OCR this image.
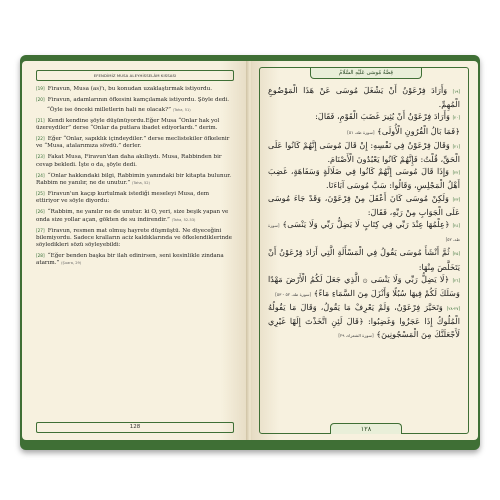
EFENDİMİZ MUSA ALEYHİSSELÂM KISSASI

[19] Firavun, Musa (as)'ı, bu konudan uzaklaştırmak istiyordu.

[20] Firavun, adamlarının öfkesini kamçılamak istiyordu. Şöyle dedi.

“Öyle ise önceki milletlerin hali ne olacak?” (Taha, 51)

[21] Kendi kendine şöyle düşünüyordu.Eğer Musa “Onlar hak yol üzereydiler” derse “Onlar da putlara ibadet ediyorlardı.” derim.

[22] Eğer “Onlar, sapıklık içindeydiler.” derse meclistekiler öfkelenir ve “Musa, atalarımıza sövdü.” derler.

[23] Fakat Musa, Firavun'dan daha akıllıydı. Musa, Rabbinden bir cevap bekledi. İşte o da, şöyle dedi.

[24] “Onlar hakkındaki bilgi, Rabbimin yanındaki bir kitapta bulunur. Rabbim ne yanılır, ne de unutur.” (Taha, 52)

[25] Firavun'un kaçıp kurtulmak istediği meseleyi Musa, dem ettiriyor ve söyle diyordu:

[26] “Rabbim, ne yanılır ne de unutur. ki O, yeri, size beşik yapan ve onda size yollar açan, gökten de su indirendir.” (Taha, 52-53)

[27] Firavun, resmen mat olmuş hayrete düşmüştü. Ne diyeceğini bilemiyordu. Sadece kralların aciz kaldıklarında ve öfkelendiklerinde söyledikleri sözü söyleyebildi:

[28] “Eğer benden başka bir ilah edinirsen, seni kesinlikle zindana atarım.” (Şuara, 29)

128
قِصَّةُ مُوسَى عَلَيْهِ السَّلَامُ

[١٩] وَأَرَادَ فِرْعَوْنُ أَنْ يَشْغَلَ مُوسَى عَنْ هَذَا الْمَوْضُوعِ الْمُهِمِّ.

[٢٠] وَأَرَادَ فِرْعَوْنُ أَنْ يُثِيرَ غَضَبَ الْقَوْمِ، فَقَالَ:

﴿فَمَا بَالُ الْقُرُونِ الْأُولَى﴾ [سورة طه، ٥١]

[٢١] وَقَالَ فِرْعَوْنُ فِي نَفْسِهِ: إِنْ قَالَ مُوسَى إِنَّهُمْ كَانُوا عَلَى الْحَقِّ، قُلْتُ: فَإِنَّهُمْ كَانُوا يَعْبُدُونَ الْأَصْنَامَ.

[٢٢] وَإِذَا قَالَ مُوسَى إِنَّهُمْ كَانُوا فِي ضَلَالَةٍ وَسَفَاهَةٍ، غَضِبَ أَهْلُ الْمَجْلِسِ، وَقَالُوا: سَبَّ مُوسَى آبَاءَنَا.

[٢٣] وَلَكِنْ مُوسَى كَانَ أَعْقَلَ مِنْ فِرْعَوْنَ، وَقَدْ جَاءَ مُوسَى عَلَى الْجَوَابِ مِنْ رَبِّهِ، فَقَالَ:

[٢٤] ﴿عِلْمُهَا عِنْدَ رَبِّي فِي كِتَابٍ لَا يَضِلُّ رَبِّي وَلَا يَنْسَى﴾ [سورة طه، ٥٢]

[٢٥] ثُمَّ أَنْشَأَ مُوسَى يَقُولُ فِي الْمَسْأَلَةِ الَّتِي أَرَادَ فِرْعَوْنُ أَنْ يَتَخَلَّصَ مِنْهَا:

[٢٦] ﴿لَا يَضِلُّ رَبِّي وَلَا يَنْسَى ۞ الَّذِي جَعَلَ لَكُمُ الْأَرْضَ مَهْدًا وَسَلَكَ لَكُمْ فِيهَا سُبُلًا وَأَنْزَلَ مِنَ السَّمَاءِ مَاءً﴾ [سورة طه، ٥٢ - ٥٣]

[٢٧-٢٨] وَتَحَيَّرَ فِرْعَوْنُ، وَلَمْ يَعْرِفْ مَا يَقُولُ، وَقَالَ مَا يَقُولُهُ الْمُلُوكُ إِذَا عَجَزُوا وَغَضِبُوا: ﴿قَالَ لَئِنِ اتَّخَذْتَ إِلَهًا غَيْرِي لَأَجْعَلَنَّكَ مِنَ الْمَسْجُونِينَ﴾ [سورة الشعراء، ٢٩]

١٢٨
